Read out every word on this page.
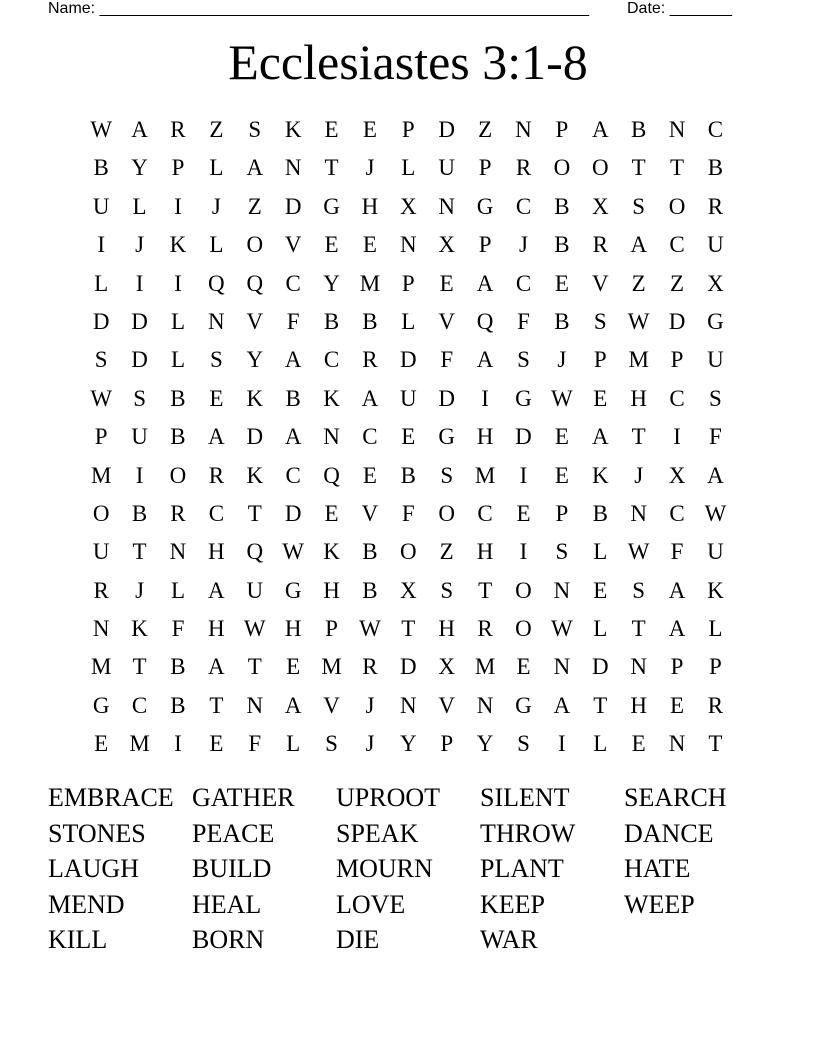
Name: _______________________________________________________ Date: _______
Ecclesiastes 3:1-8
W A R	Z	S	K	E	E	P	D	Z	N	P	A B N C
B Y	P	L	A N	T	J	L	U	P	R O O	T	T	B
U	L	I	J	Z	D G H X N G C	B X	S	O R
I	J	K	L	O V	E	E	N X	P	J	B	R A C U
L	I	I	Q Q C Y M P	E	A C	E	V	Z	Z	X
D D	L	N V	F	B	B	L	V Q	F	B	S W D G
S	D	L	S	Y A C	R D	F	A	S	J	P M P	U
W S	B	E	K B K A U D	I	G W E	H C	S
P	U B A D A N C	E	G H D	E	A	T	I	F
M	I	O R K C Q	E	B	S M	I	E	K	J	X A
O B	R	C	T	D	E	V	F	O C	E	P	B N C W
U	T	N H Q W K B O	Z	H	I	S	L W F	U
R	J	L	A U G H B X	S	T	O N	E	S	A K
N K	F	H W H	P W T	H R O W L	T	A	L
M T	B A	T	E M R D X M E	N D N	P	P
G C	B	T	N A V	J	N V N G A	T	H	E	R
E M	I	E	F	L	S	J	Y	P	Y	S	I	L	E	N	T
EMBRACE GATHER	UPROOT	SILENT	SEARCH
STONES	PEACE	SPEAK	THROW	DANCE
LAUGH	BUILD	MOURN	PLANT	HATE
MEND	HEAL	LOVE	KEEP	WEEP
KILL	BORN	DIE	WAR
